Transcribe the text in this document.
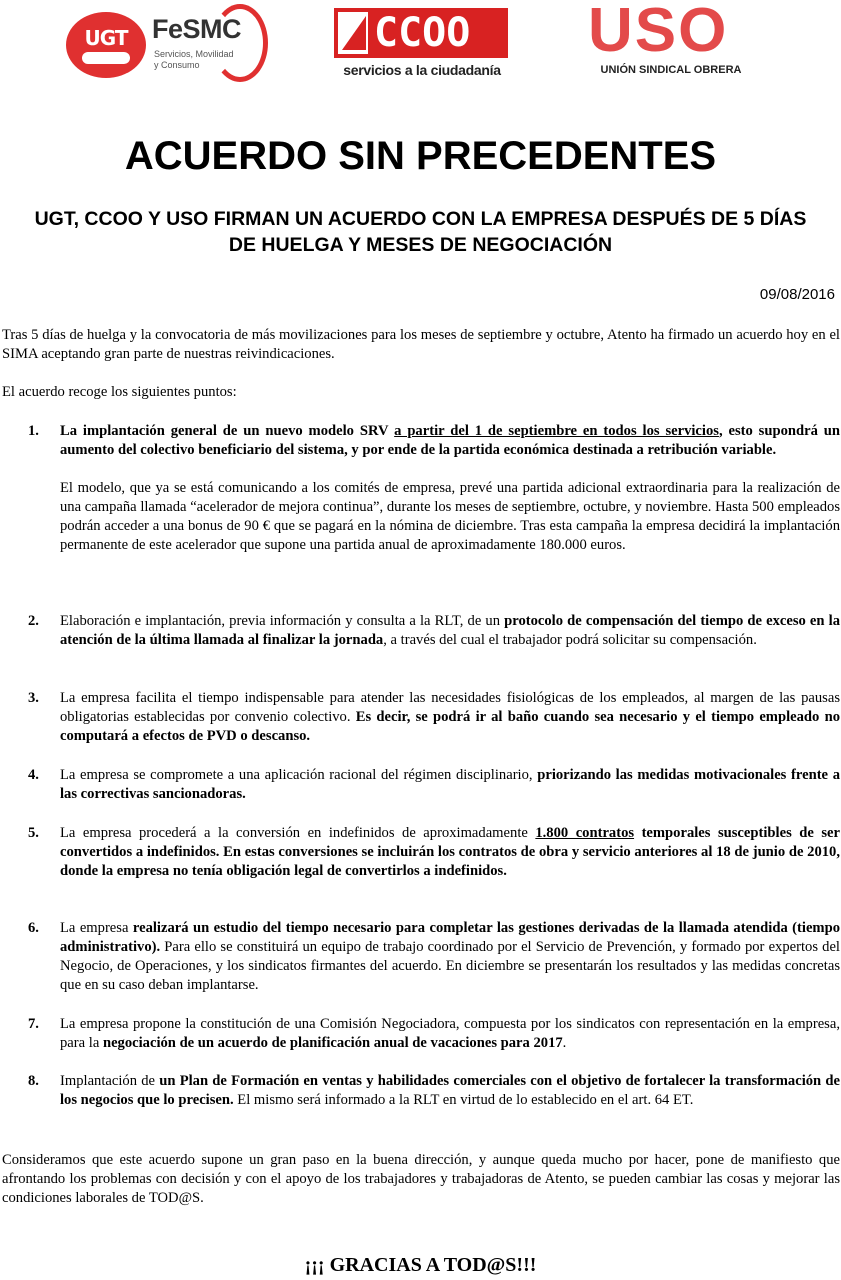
UGT FeSMC
Servicios, Movilidad
y Consumo
CCOO
servicios a la ciudadanía
USO
UNIÓN SINDICAL OBRERA
ACUERDO SIN PRECEDENTES
UGT, CCOO Y USO FIRMAN UN ACUERDO CON LA EMPRESA DESPUÉS DE 5 DÍAS DE HUELGA Y MESES DE NEGOCIACIÓN
09/08/2016

Tras 5 días de huelga y la convocatoria de más movilizaciones para los meses de septiembre y octubre, Atento ha firmado un acuerdo hoy en el SIMA aceptando gran parte de nuestras reivindicaciones.

El acuerdo recoge los siguientes puntos:

1.	La implantación general de un nuevo modelo SRV a partir del 1 de septiembre en todos los servicios, esto supondrá un aumento del colectivo beneficiario del sistema, y por ende de la partida económica destinada a retribución variable.
El modelo, que ya se está comunicando a los comités de empresa, prevé una partida adicional extraordinaria para la realización de una campaña llamada “acelerador de mejora continua”, durante los meses de septiembre, octubre, y noviembre. Hasta 500 empleados podrán acceder a una bonus de 90 € que se pagará en la nómina de diciembre. Tras esta campaña la empresa decidirá la implantación permanente de este acelerador que supone una partida anual de aproximadamente 180.000 euros.
2.	Elaboración e implantación, previa información y consulta a la RLT, de un protocolo de compensación del tiempo de exceso en la atención de la última llamada al finalizar la jornada, a través del cual el trabajador podrá solicitar su compensación.
3.	La empresa facilita el tiempo indispensable para atender las necesidades fisiológicas de los empleados, al margen de las pausas obligatorias establecidas por convenio colectivo. Es decir, se podrá ir al baño cuando sea necesario y el tiempo empleado no computará a efectos de PVD o descanso.
4.	La empresa se compromete a una aplicación racional del régimen disciplinario, priorizando las medidas motivacionales frente a las correctivas sancionadoras.
5.	La empresa procederá a la conversión en indefinidos de aproximadamente 1.800 contratos temporales susceptibles de ser convertidos a indefinidos. En estas conversiones se incluirán los contratos de obra y servicio anteriores al 18 de junio de 2010, donde la empresa no tenía obligación legal de convertirlos a indefinidos.
6.	La empresa realizará un estudio del tiempo necesario para completar las gestiones derivadas de la llamada atendida (tiempo administrativo). Para ello se constituirá un equipo de trabajo coordinado por el Servicio de Prevención, y formado por expertos del Negocio, de Operaciones, y los sindicatos firmantes del acuerdo. En diciembre se presentarán los resultados y las medidas concretas que en su caso deban implantarse.
7.	La empresa propone la constitución de una Comisión Negociadora, compuesta por los sindicatos con representación en la empresa, para la negociación de un acuerdo de planificación anual de vacaciones para 2017.
8.	Implantación de un Plan de Formación en ventas y habilidades comerciales con el objetivo de fortalecer la transformación de los negocios que lo precisen. El mismo será informado a la RLT en virtud de lo establecido en el art. 64 ET.

Consideramos que este acuerdo supone un gran paso en la buena dirección, y aunque queda mucho por hacer, pone de manifiesto que afrontando los problemas con decisión y con el apoyo de los trabajadores y trabajadoras de Atento, se pueden cambiar las cosas y mejorar las condiciones laborales de TOD@S.

¡¡¡ GRACIAS A TOD@S!!!
